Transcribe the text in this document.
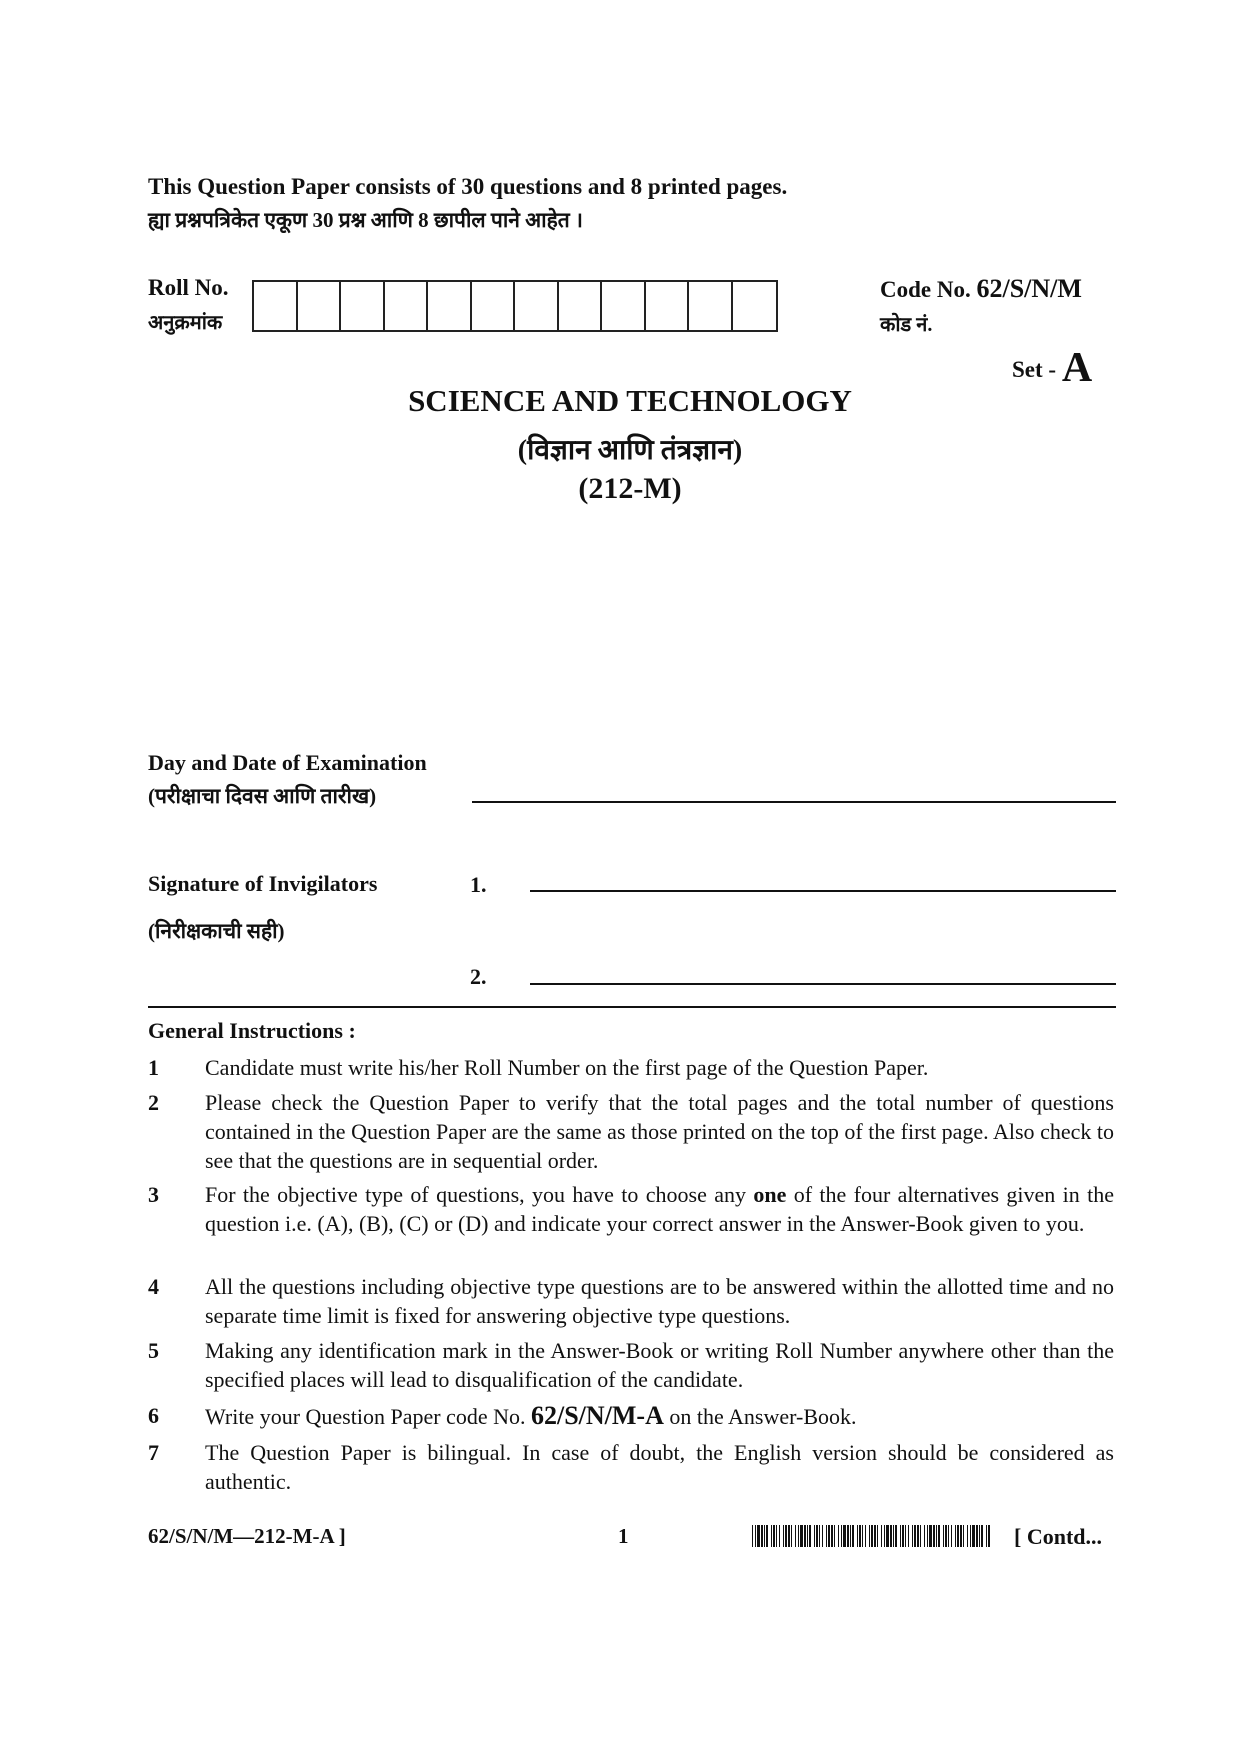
This Question Paper consists of 30 questions and 8 printed pages.
ह्या प्रश्नपत्रिकेत एकूण 30 प्रश्न आणि 8 छापील पाने आहेत ।
Roll No.
अनुक्रमांक
Code No. 62/S/N/M
कोड नं.
Set - A
SCIENCE AND TECHNOLOGY
(विज्ञान आणि तंत्रज्ञान)
(212-M)
Day and Date of Examination
(परीक्षाचा दिवस आणि तारीख)
Signature of Invigilators
(निरीक्षकाची सही)
1.
2.
General Instructions :
1	Candidate must write his/her Roll Number on the first page of the Question Paper.
2	Please check the Question Paper to verify that the total pages and the total number of questions contained in the Question Paper are the same as those printed on the top of the first page. Also check to see that the questions are in sequential order.
3	For the objective type of questions, you have to choose any one of the four alternatives given in the question i.e. (A), (B), (C) or (D) and indicate your correct answer in the Answer-Book given to you.
4	All the questions including objective type questions are to be answered within the allotted time and no separate time limit is fixed for answering objective type questions.
5	Making any identification mark in the Answer-Book or writing Roll Number anywhere other than the specified places will lead to disqualification of the candidate.
6	Write your Question Paper code No. 62/S/N/M-A on the Answer-Book.
7	The Question Paper is bilingual. In case of doubt, the English version should be considered as authentic.
62/S/N/M—212-M-A ]	1	[ Contd...
